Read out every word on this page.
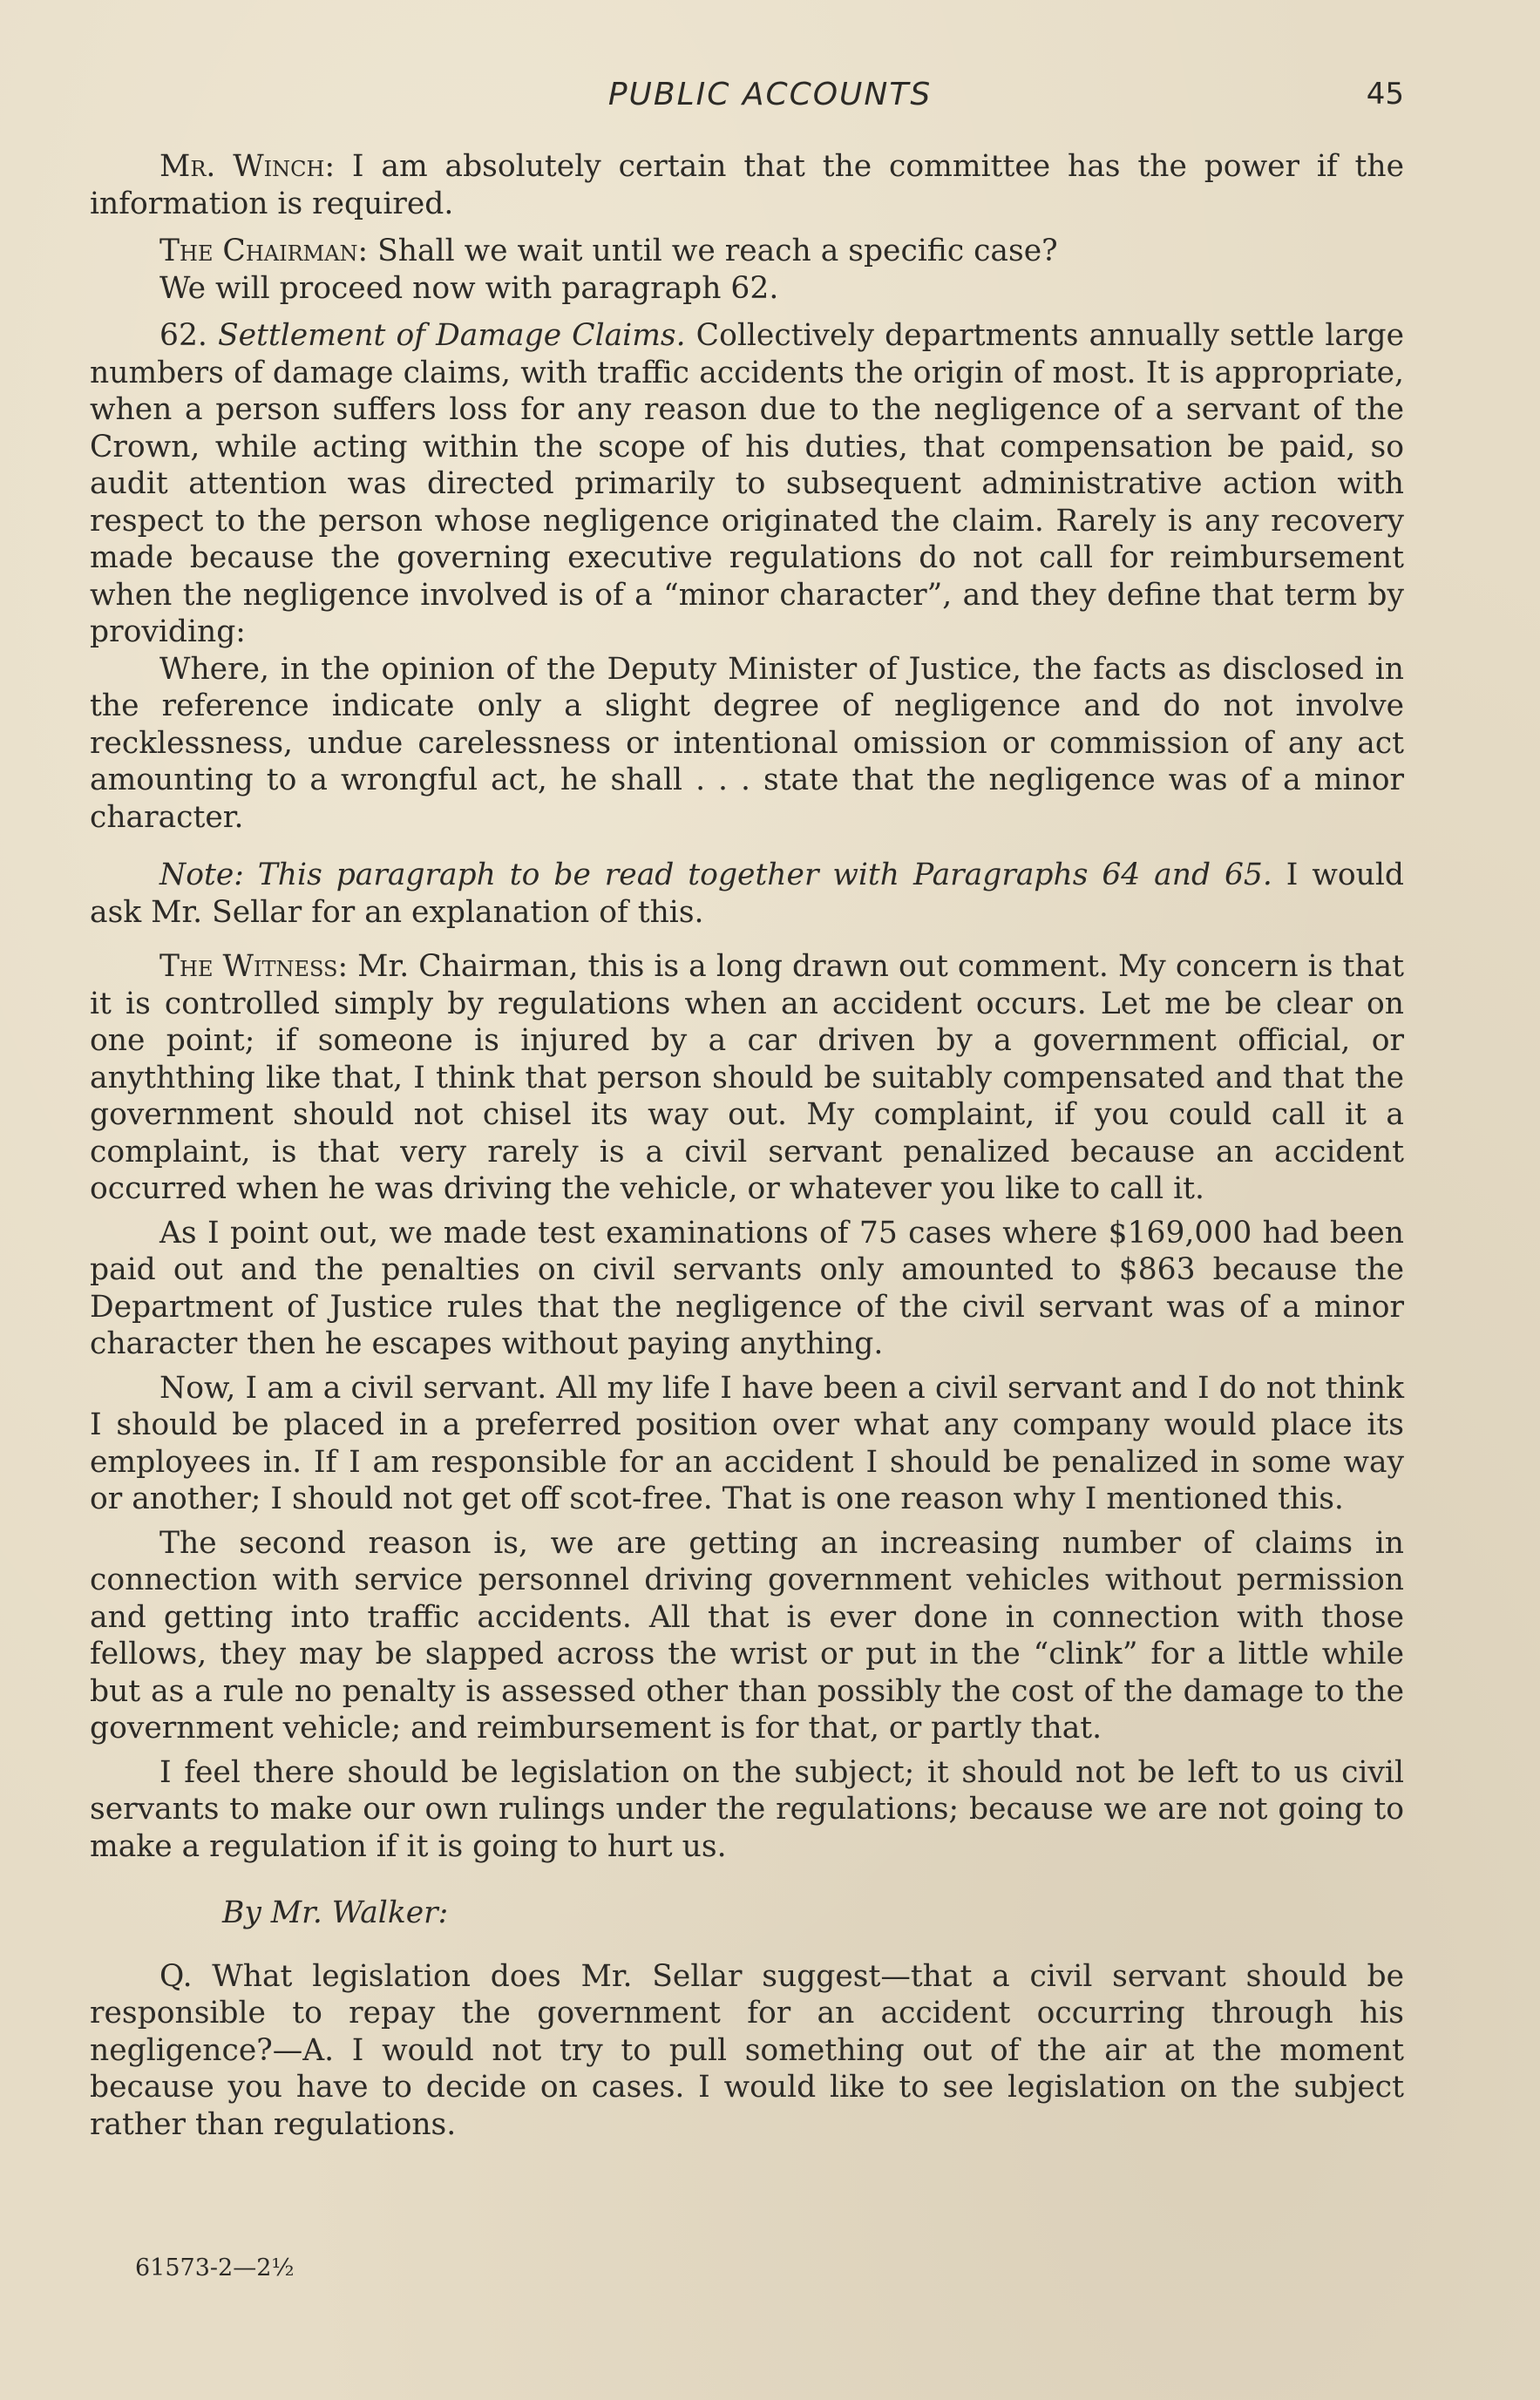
PUBLIC ACCOUNTS	45

Mr. Winch: I am absolutely certain that the committee has the power if the information is required.

The Chairman: Shall we wait until we reach a specific case?

We will proceed now with paragraph 62.

62. Settlement of Damage Claims. Collectively departments annually settle large numbers of damage claims, with traffic accidents the origin of most. It is appropriate, when a person suffers loss for any reason due to the negligence of a servant of the Crown, while acting within the scope of his duties, that compensation be paid, so audit attention was directed primarily to subsequent administrative action with respect to the person whose negligence originated the claim. Rarely is any recovery made because the governing executive regulations do not call for reimbursement when the negligence involved is of a “minor character”, and they define that term by providing:

Where, in the opinion of the Deputy Minister of Justice, the facts as disclosed in the reference indicate only a slight degree of negligence and do not involve recklessness, undue carelessness or intentional omission or commission of any act amounting to a wrongful act, he shall . . . state that the negligence was of a minor character.

Note: This paragraph to be read together with Paragraphs 64 and 65. I would ask Mr. Sellar for an explanation of this.

The Witness: Mr. Chairman, this is a long drawn out comment. My concern is that it is controlled simply by regulations when an accident occurs. Let me be clear on one point; if someone is injured by a car driven by a government official, or anyththing like that, I think that person should be suitably compensated and that the government should not chisel its way out. My complaint, if you could call it a complaint, is that very rarely is a civil servant penalized because an accident occurred when he was driving the vehicle, or whatever you like to call it.

As I point out, we made test examinations of 75 cases where $169,000 had been paid out and the penalties on civil servants only amounted to $863 because the Department of Justice rules that the negligence of the civil servant was of a minor character then he escapes without paying anything.

Now, I am a civil servant. All my life I have been a civil servant and I do not think I should be placed in a preferred position over what any company would place its employees in. If I am responsible for an accident I should be penalized in some way or another; I should not get off scot-free. That is one reason why I mentioned this.

The second reason is, we are getting an increasing number of claims in connection with service personnel driving government vehicles without permission and getting into traffic accidents. All that is ever done in connection with those fellows, they may be slapped across the wrist or put in the “clink” for a little while but as a rule no penalty is assessed other than possibly the cost of the damage to the government vehicle; and reimbursement is for that, or partly that.

I feel there should be legislation on the subject; it should not be left to us civil servants to make our own rulings under the regulations; because we are not going to make a regulation if it is going to hurt us.

By Mr. Walker:

Q. What legislation does Mr. Sellar suggest—that a civil servant should be responsible to repay the government for an accident occurring through his negligence?—A. I would not try to pull something out of the air at the moment because you have to decide on cases. I would like to see legislation on the subject rather than regulations.

61573-2—2½
